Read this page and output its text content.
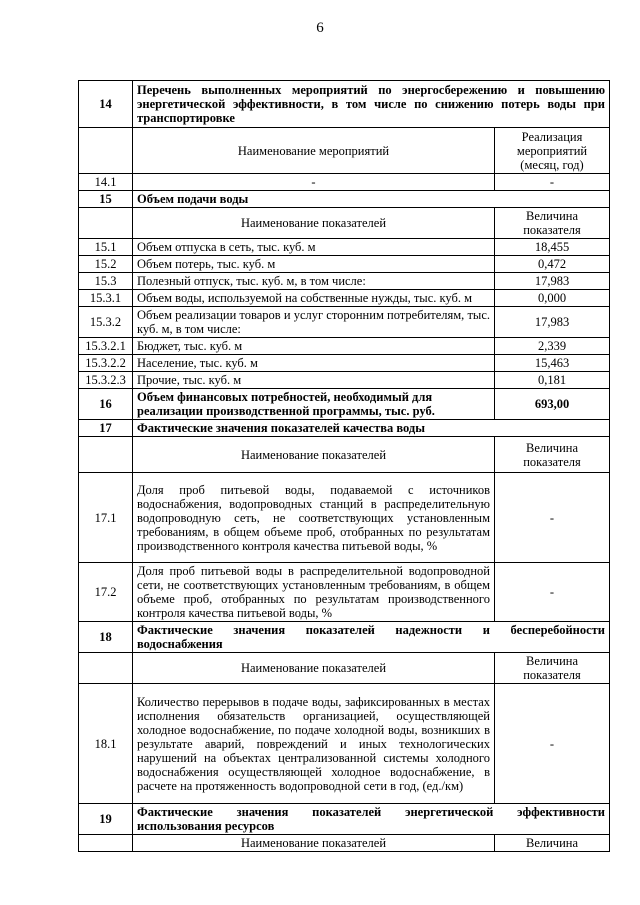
6
14	Перечень выполненных мероприятий по энергосбережению и повышению энергетической эффективности, в том числе по снижению потерь воды при транспортировке	
	Наименование мероприятий	Реализация мероприятий (месяц, год)
14.1	-	-
15	Объем подачи воды	
	Наименование показателей	Величина показателя
15.1	Объем отпуска в сеть, тыс. куб. м	18,455
15.2	Объем потерь, тыс. куб. м	0,472
15.3	Полезный отпуск, тыс. куб. м, в том числе:	17,983
15.3.1	Объем воды, используемой на собственные нужды, тыс. куб. м	0,000
15.3.2	Объем реализации товаров и услуг сторонним потребителям, тыс. куб. м, в том числе:	17,983
15.3.2.1	Бюджет, тыс. куб. м	2,339
15.3.2.2	Население, тыс. куб. м	15,463
15.3.2.3	Прочие, тыс. куб. м	0,181
16	Объем финансовых потребностей, необходимый для реализации производственной программы, тыс. руб.	693,00
17	Фактические значения показателей качества воды	
	Наименование показателей	Величина показателя
17.1	Доля проб питьевой воды, подаваемой с источников водоснабжения, водопроводных станций в распределительную водопроводную сеть, не соответствующих установленным требованиям, в общем объеме проб, отобранных по результатам производственного контроля качества питьевой воды, %	-
17.2	Доля проб питьевой воды в распределительной водопроводной сети, не соответствующих установленным требованиям, в общем объеме проб, отобранных по результатам производственного контроля качества питьевой воды, %	-
18	Фактические значения показателей надежности и бесперебойности водоснабжения	
	Наименование показателей	Величина показателя
18.1	Количество перерывов в подаче воды, зафиксированных в местах исполнения обязательств организацией, осуществляющей холодное водоснабжение, по подаче холодной воды, возникших в результате аварий, повреждений и иных технологических нарушений на объектах централизованной системы холодного водоснабжения осуществляющей холодное водоснабжение, в расчете на протяженность водопроводной сети в год, (ед./км)	-
19	Фактические значения показателей энергетической эффективности использования ресурсов	
	Наименование показателей	Величина
